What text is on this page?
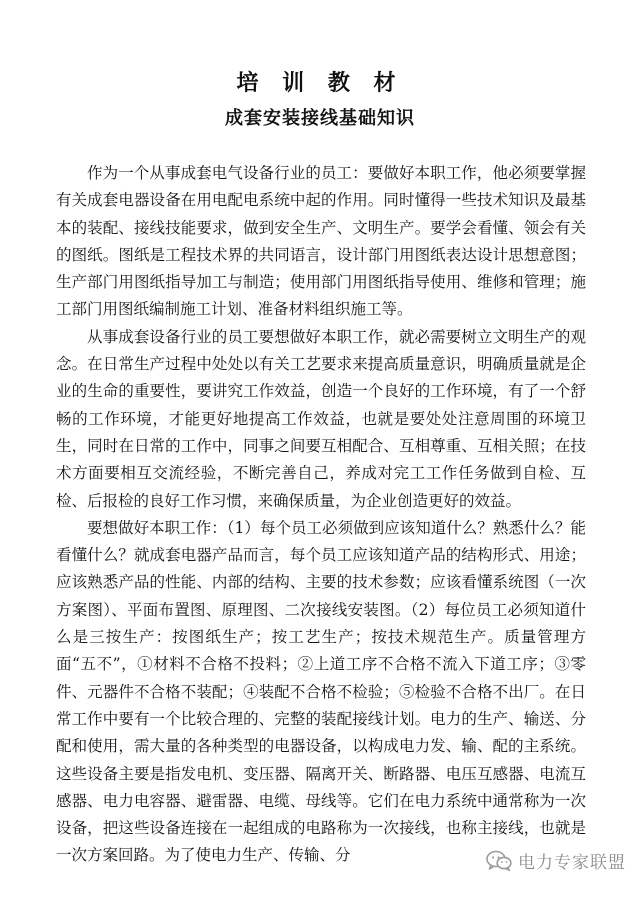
培 训 教 材
成套安装接线基础知识

作为一个从事成套电气设备行业的员工：要做好本职工作，他必须要掌握有关成套电器设备在用电配电系统中起的作用。同时懂得一些技术知识及最基本的装配、接线技能要求，做到安全生产、文明生产。要学会看懂、领会有关的图纸。图纸是工程技术界的共同语言，设计部门用图纸表达设计思想意图；生产部门用图纸指导加工与制造；使用部门用图纸指导使用、维修和管理；施工部门用图纸编制施工计划、准备材料组织施工等。

从事成套设备行业的员工要想做好本职工作，就必需要树立文明生产的观念。在日常生产过程中处处以有关工艺要求来提高质量意识，明确质量就是企业的生命的重要性，要讲究工作效益，创造一个良好的工作环境，有了一个舒畅的工作环境，才能更好地提高工作效益，也就是要处处注意周围的环境卫生，同时在日常的工作中，同事之间要互相配合、互相尊重、互相关照；在技术方面要相互交流经验，不断完善自己，养成对完工工作任务做到自检、互检、后报检的良好工作习惯，来确保质量，为企业创造更好的效益。

要想做好本职工作：（1）每个员工必须做到应该知道什么？熟悉什么？能看懂什么？就成套电器产品而言，每个员工应该知道产品的结构形式、用途；应该熟悉产品的性能、内部的结构、主要的技术参数；应该看懂系统图（一次方案图）、平面布置图、原理图、二次接线安装图。（2）每位员工必须知道什么是三按生产：按图纸生产；按工艺生产；按技术规范生产。质量管理方面“五不”，①材料不合格不投料；②上道工序不合格不流入下道工序；③零件、元器件不合格不装配；④装配不合格不检验；⑤检验不合格不出厂。在日常工作中要有一个比较合理的、完整的装配接线计划。电力的生产、输送、分配和使用，需大量的各种类型的电器设备，以构成电力发、输、配的主系统。这些设备主要是指发电机、变压器、隔离开关、断路器、电压互感器、电流互感器、电力电容器、避雷器、电缆、母线等。它们在电力系统中通常称为一次设备，把这些设备连接在一起组成的电路称为一次接线，也称主接线，也就是一次方案回路。为了使电力生产、传输、分	电力专家联盟
